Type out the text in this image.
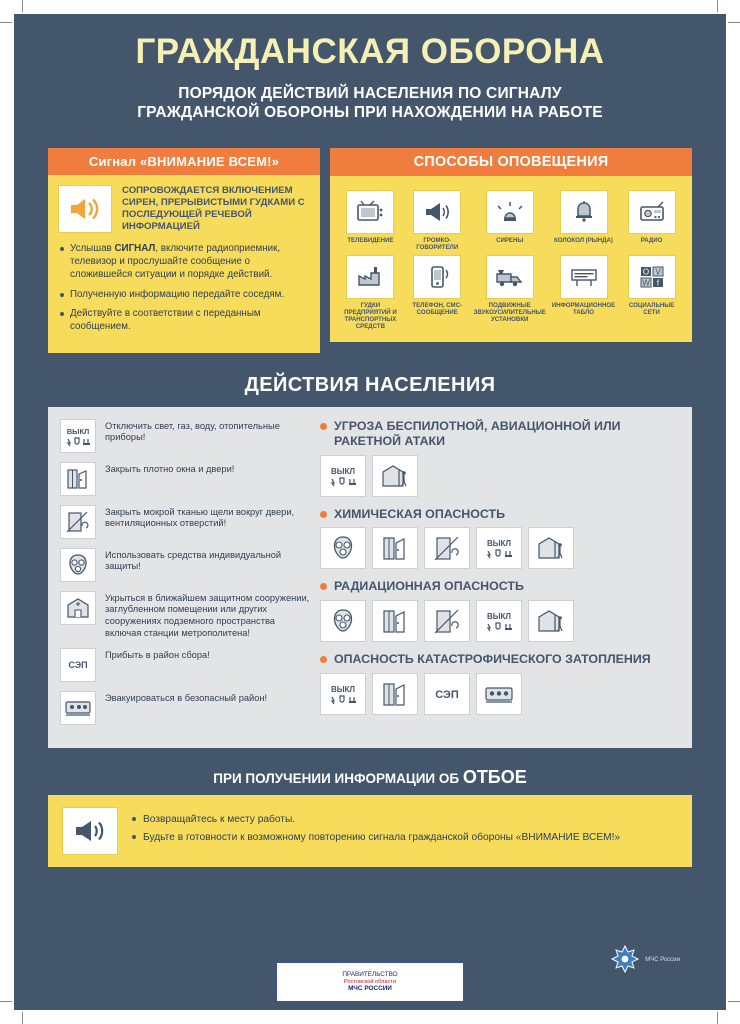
ГРАЖДАНСКАЯ ОБОРОНА
ПОРЯДОК ДЕЙСТВИЙ НАСЕЛЕНИЯ ПО СИГНАЛУ
ГРАЖДАНСКОЙ ОБОРОНЫ ПРИ НАХОЖДЕНИИ НА РАБОТЕ
Сигнал «ВНИМАНИЕ ВСЕМ!»
СОПРОВОЖДАЕТСЯ ВКЛЮЧЕНИЕМ СИРЕН, ПРЕРЫВИСТЫМИ ГУДКАМИ С ПОСЛЕДУЮЩЕЙ РЕЧЕВОЙ ИНФОРМАЦИЕЙ
Услышав СИГНАЛ, включите радиоприемник, телевизор и прослушайте сообщение о сложившейся ситуации и порядке действий.
Полученную информацию передайте соседям.
Действуйте в соответствии с переданным сообщением.
СПОСОБЫ ОПОВЕЩЕНИЯ
ТЕЛЕВИДЕНИЕ	ГРОМКО-ГОВОРИТЕЛИ
СИРЕНЫ	КОЛОКОЛ (РЫНДА)	РАДИО
ГУДКИ ПРЕДПРИЯТИЙ И ТРАНСПОРТНЫХ СРЕДСТВ
ТЕЛЕФОН, СМС-СООБЩЕНИЕ
ПОДВИЖНЫЕ ЗВУКОУСИЛИТЕЛЬНЫЕ УСТАНОВКИ
ИНФОРМАЦИОННОЕ ТАБЛО
O V
W f
СОЦИАЛЬНЫЕ СЕТИ
ДЕЙСТВИЯ НАСЕЛЕНИЯ
ВЫКЛ
Отключить свет, газ, воду, отопительные приборы!
Закрыть плотно окна и двери!
Закрыть мокрой тканью щели вокруг двери, вентиляционных отверстий!
Использовать средства индивидуальной защиты!
Укрыться в ближайшем защитном сооружении, заглубленном помещении или других сооружениях подземного пространства включая станции метрополитена!
СЭП
Прибыть в район сбора!
Эвакуироваться в безопасный район!
УГРОЗА БЕСПИЛОТНОЙ, АВИАЦИОННОЙ ИЛИ РАКЕТНОЙ АТАКИ
ВЫКЛ
ХИМИЧЕСКАЯ ОПАСНОСТЬ
ВЫКЛ
РАДИАЦИОННАЯ ОПАСНОСТЬ
ВЫКЛ
ОПАСНОСТЬ КАТАСТРОФИЧЕСКОГО ЗАТОПЛЕНИЯ
ВЫКЛ	СЭП
ПРИ ПОЛУЧЕНИИ ИНФОРМАЦИИ ОБ ОТБОЕ
Возвращайтесь к месту работы.
Будьте в готовности к возможному повторению сигнала гражданской обороны «ВНИМАНИЕ ВСЕМ!»
МЧС России
ПРАВИТЕЛЬСТВО
Ростовской области
МЧС РОССИИ
